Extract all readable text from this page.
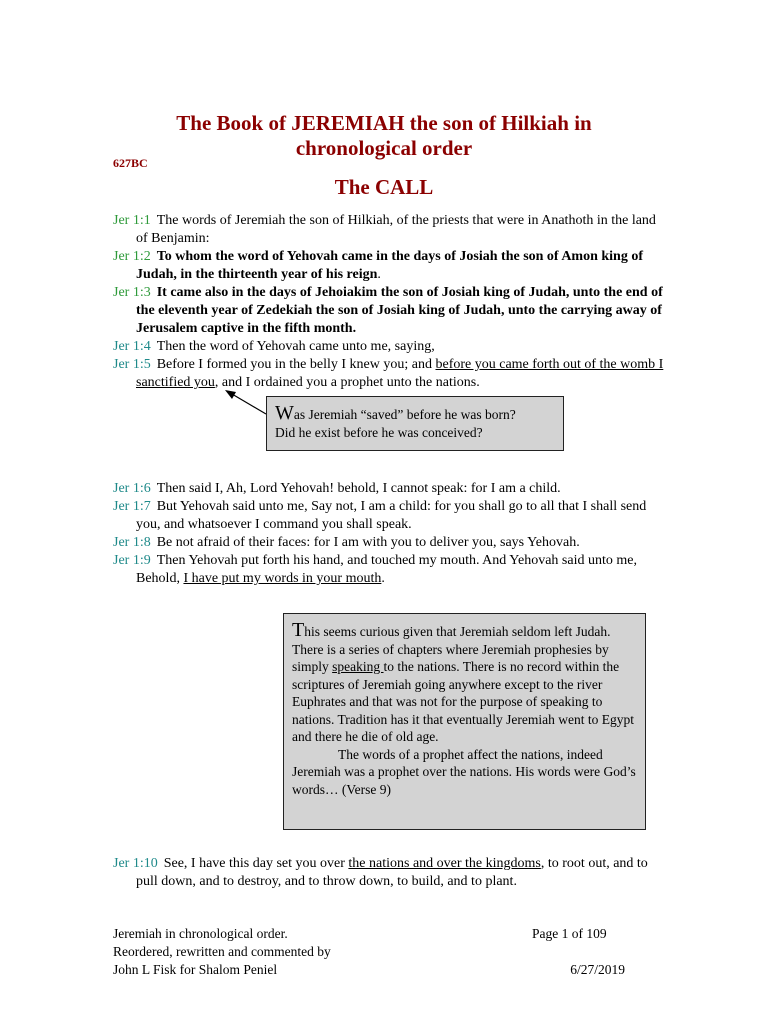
The Book of JEREMIAH the son of Hilkiah in
chronological order
627BC
The CALL
Jer 1:1 The words of Jeremiah the son of Hilkiah, of the priests that were in Anathoth in the land of Benjamin:
Jer 1:2 To whom the word of Yehovah came in the days of Josiah the son of Amon king of Judah, in the thirteenth year of his reign.
Jer 1:3 It came also in the days of Jehoiakim the son of Josiah king of Judah, unto the end of the eleventh year of Zedekiah the son of Josiah king of Judah, unto the carrying away of Jerusalem captive in the fifth month.
Jer 1:4 Then the word of Yehovah came unto me, saying,
Jer 1:5 Before I formed you in the belly I knew you; and before you came forth out of the womb I sanctified you, and I ordained you a prophet unto the nations.
Was Jeremiah “saved” before he was born?
Did he exist before he was conceived?
Jer 1:6 Then said I, Ah, Lord Yehovah! behold, I cannot speak: for I am a child.
Jer 1:7 But Yehovah said unto me, Say not, I am a child: for you shall go to all that I shall send you, and whatsoever I command you shall speak.
Jer 1:8 Be not afraid of their faces: for I am with you to deliver you, says Yehovah.
Jer 1:9 Then Yehovah put forth his hand, and touched my mouth. And Yehovah said unto me, Behold, I have put my words in your mouth.
This seems curious given that Jeremiah seldom left Judah. There is a series of chapters where Jeremiah prophesies by simply speaking to the nations. There is no record within the scriptures of Jeremiah going anywhere except to the river Euphrates and that was not for the purpose of speaking to nations. Tradition has it that eventually Jeremiah went to Egypt and there he die of old age.
The words of a prophet affect the nations, indeed Jeremiah was a prophet over the nations. His words were God’s words… (Verse 9)
Jer 1:10 See, I have this day set you over the nations and over the kingdoms, to root out, and to pull down, and to destroy, and to throw down, to build, and to plant.
Jeremiah in chronological order.
Reordered, rewritten and commented by
John L Fisk for Shalom Peniel
Page 1 of 109
6/27/2019
